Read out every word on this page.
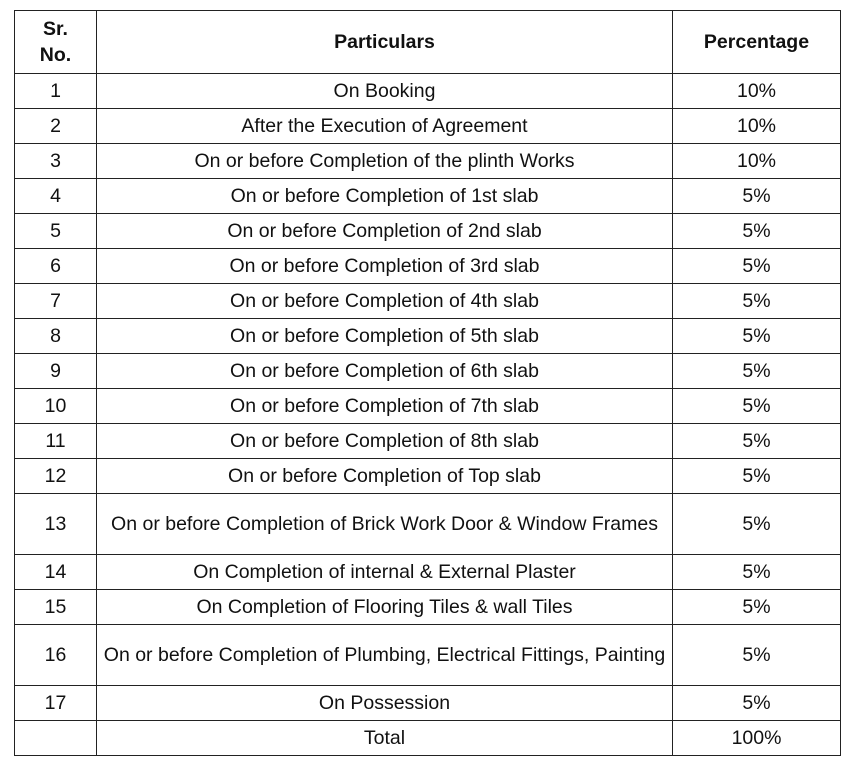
Sr.
No.	Particulars	Percentage
1	On Booking	10%
2	After the Execution of Agreement	10%
3	On or before Completion of the plinth Works	10%
4	On or before Completion of 1st slab	5%
5	On or before Completion of 2nd slab	5%
6	On or before Completion of 3rd slab	5%
7	On or before Completion of 4th slab	5%
8	On or before Completion of 5th slab	5%
9	On or before Completion of 6th slab	5%
10	On or before Completion of 7th slab	5%
11	On or before Completion of 8th slab	5%
12	On or before Completion of Top slab	5%
13	On or before Completion of Brick Work Door & Window Frames	5%
14	On Completion of internal & External Plaster	5%
15	On Completion of Flooring Tiles & wall Tiles	5%
16	On or before Completion of Plumbing, Electrical Fittings, Painting	5%
17	On Possession	5%
	Total	100%
